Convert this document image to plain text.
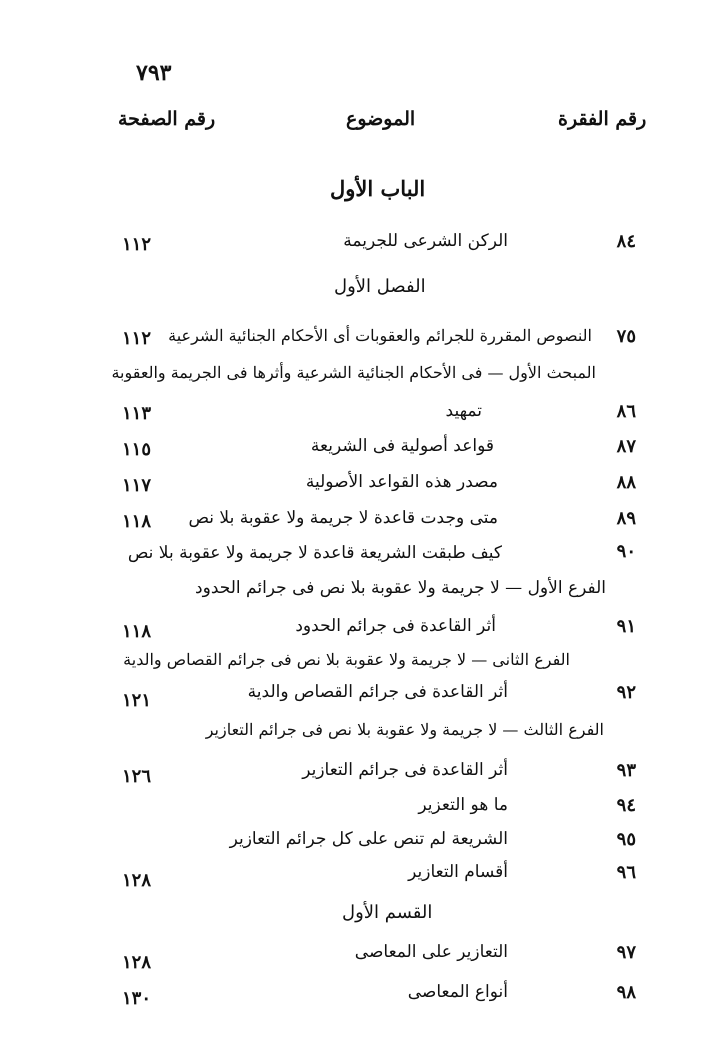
٧٩٣
رقم الفقرة
الموضوع
رقم الصفحة
الباب الأول
٨٤
الركن الشرعى للجريمة
١١٢
الفصل الأول
٧٥
النصوص المقررة للجرائم والعقوبات أى الأحكام الجنائية الشرعية
١١٢
المبحث الأول — فى الأحكام الجنائية الشرعية وأثرها فى الجريمة والعقوبة
٨٦
تمهيد
١١٣
٨٧
قواعد أصولية فى الشريعة
١١٥
٨٨
مصدر هذه القواعد الأصولية
١١٧
٨٩
متى وجدت قاعدة لا جريمة ولا عقوبة بلا نص
١١٨
٩٠
كيف طبقت الشريعة قاعدة لا جريمة ولا عقوبة بلا نص
الفرع الأول — لا جريمة ولا عقوبة بلا نص فى جرائم الحدود
٩١
أثر القاعدة فى جرائم الحدود
١١٨
الفرع الثانى — لا جريمة ولا عقوبة بلا نص فى جرائم القصاص والدية
٩٢
أثر القاعدة فى جرائم القصاص والدية
١٢١
الفرع الثالث — لا جريمة ولا عقوبة بلا نص فى جرائم التعازير
٩٣
أثر القاعدة فى جرائم التعازير
١٢٦
٩٤
ما هو التعزير
٩٥
الشريعة لم تنص على كل جرائم التعازير
٩٦
أقسام التعازير
١٢٨
القسم الأول
٩٧
التعازير على المعاصى
١٢٨
٩٨
أنواع المعاصى
١٣٠
